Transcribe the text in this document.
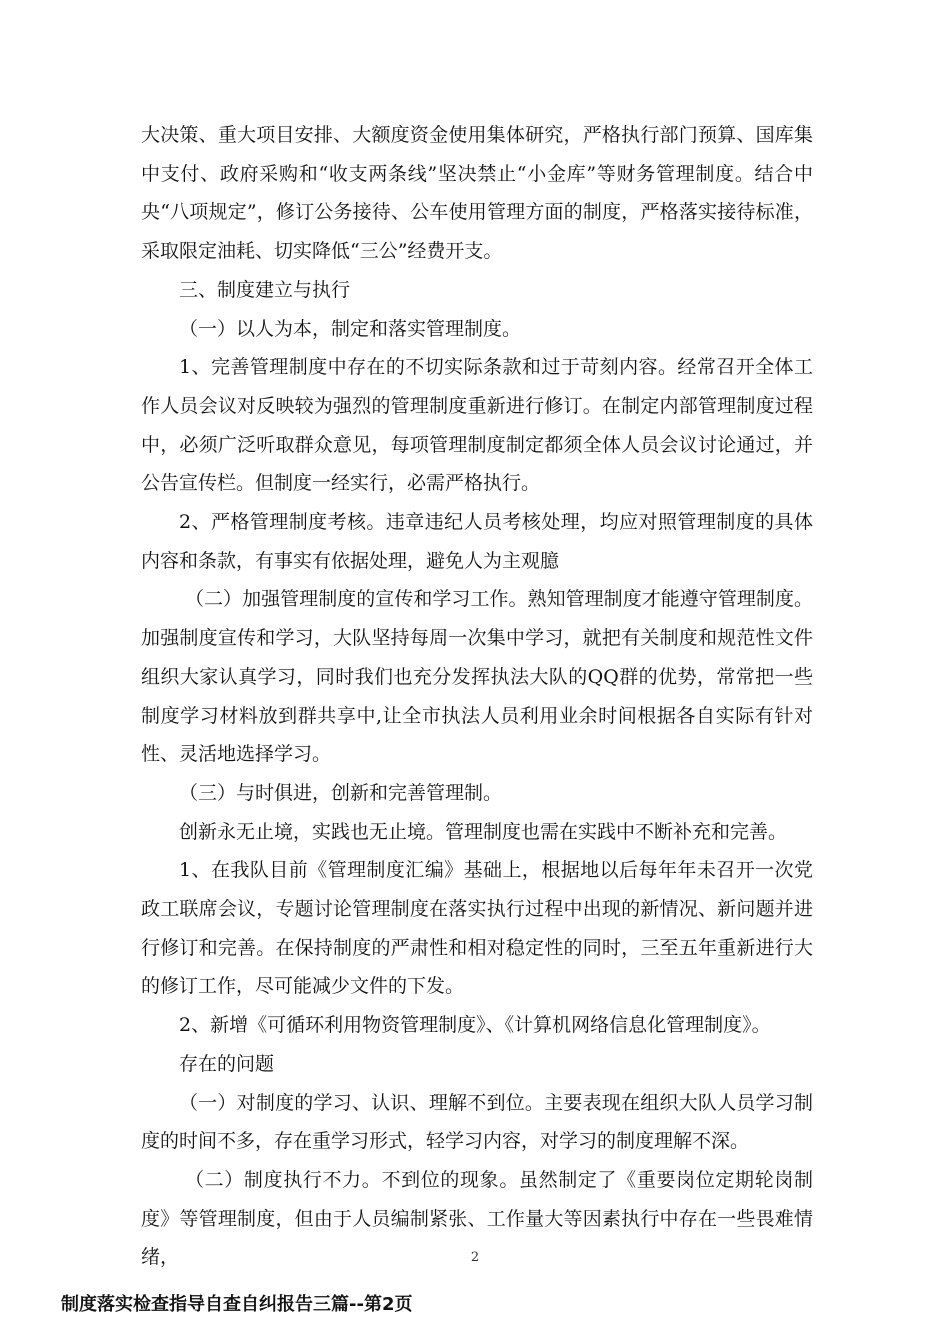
大决策、重大项目安排、大额度资金使用集体研究，严格执行部门预算、国库集中支付、政府采购和“收支两条线”坚决禁止“小金库”等财务管理制度。结合中央“八项规定”，修订公务接待、公车使用管理方面的制度，严格落实接待标准，采取限定油耗、切实降低“三公”经费开支。

三、制度建立与执行

（一）以人为本，制定和落实管理制度。

1、完善管理制度中存在的不切实际条款和过于苛刻内容。经常召开全体工作人员会议对反映较为强烈的管理制度重新进行修订。在制定内部管理制度过程中，必须广泛听取群众意见，每项管理制度制定都须全体人员会议讨论通过，并公告宣传栏。但制度一经实行，必需严格执行。

2、严格管理制度考核。违章违纪人员考核处理，均应对照管理制度的具体内容和条款，有事实有依据处理，避免人为主观臆

（二）加强管理制度的宣传和学习工作。熟知管理制度才能遵守管理制度。加强制度宣传和学习，大队坚持每周一次集中学习，就把有关制度和规范性文件组织大家认真学习，同时我们也充分发挥执法大队的QQ群的优势，常常把一些制度学习材料放到群共享中,让全市执法人员利用业余时间根据各自实际有针对性、灵活地选择学习。

（三）与时俱进，创新和完善管理制。

创新永无止境，实践也无止境。管理制度也需在实践中不断补充和完善。

1、在我队目前《管理制度汇编》基础上，根据地以后每年年未召开一次党政工联席会议，专题讨论管理制度在落实执行过程中出现的新情况、新问题并进行修订和完善。在保持制度的严肃性和相对稳定性的同时，三至五年重新进行大的修订工作，尽可能减少文件的下发。

2、新增《可循环利用物资管理制度》、《计算机网络信息化管理制度》。

存在的问题

（一）对制度的学习、认识、理解不到位。主要表现在组织大队人员学习制度的时间不多，存在重学习形式，轻学习内容，对学习的制度理解不深。

（二）制度执行不力。不到位的现象。虽然制定了《重要岗位定期轮岗制度》等管理制度，但由于人员编制紧张、工作量大等因素执行中存在一些畏难情绪，	2
制度落实检查指导自查自纠报告三篇--第2页
